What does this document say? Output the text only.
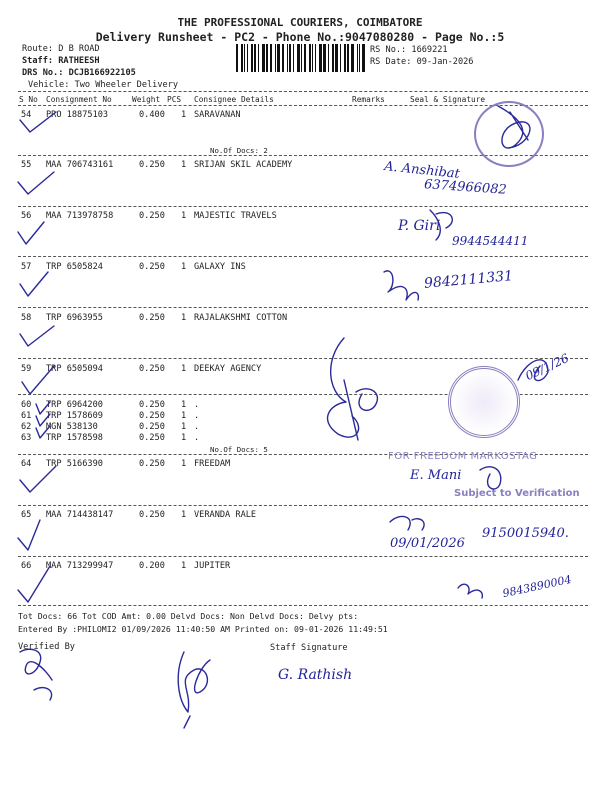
THE PROFESSIONAL COURIERS, COIMBATORE
Delivery Runsheet - PC2 - Phone No.:9047080280 - Page No.:5
Route: D B ROAD
Staff: RATHEESH
DRS No.: DCJB166922105
Vehicle: Two Wheeler Delivery
RS No.: 1669221
RS Date: 09-Jan-2026
S No Consignment No	Weight PCS Consignee Details	Remarks	Seal & Signature
54 PRO 18875103	0.400 1 SARAVANAN
No.Of Docs: 2
55 MAA 706743161	0.250 1 SRIJAN SKIL ACADEMY
56 MAA 713978758	0.250 1 MAJESTIC TRAVELS
57 TRP 6505824	0.250 1 GALAXY INS
58 TRP 6963955	0.250 1 RAJALAKSHMI COTTON
59 TRP 6505094	0.250 1 DEEKAY AGENCY
60 TRP 6964200	0.250 1 .
61 TRP 1578609	0.250 1 .
62 MGN 538130	0.250 1 .
63 TRP 1578598	0.250 1 .
No.Of Docs: 5
64 TRP 5166390	0.250 1 FREEDAM
65 MAA 714438147	0.250 1 VERANDA RALE
66 MAA 713299947	0.200 1 JUPITER
Tot Docs: 66 Tot COD Amt: 0.00 Delvd Docs: Non Delvd Docs: Delvy pts:
Entered By :PHILOMI2 01/09/2026 11:40:50 AM Printed on: 09-01-2026 11:49:51
Verified By	Staff Signature
FOR FREEDOM MARKOSTAG
Subject to Verification
A. Anshibat
6374966082
P. Giri
9944544411
9842111331
09/1/26
E. Mani
09/01/2026
9150015940.
9843890004
G. Rathish
